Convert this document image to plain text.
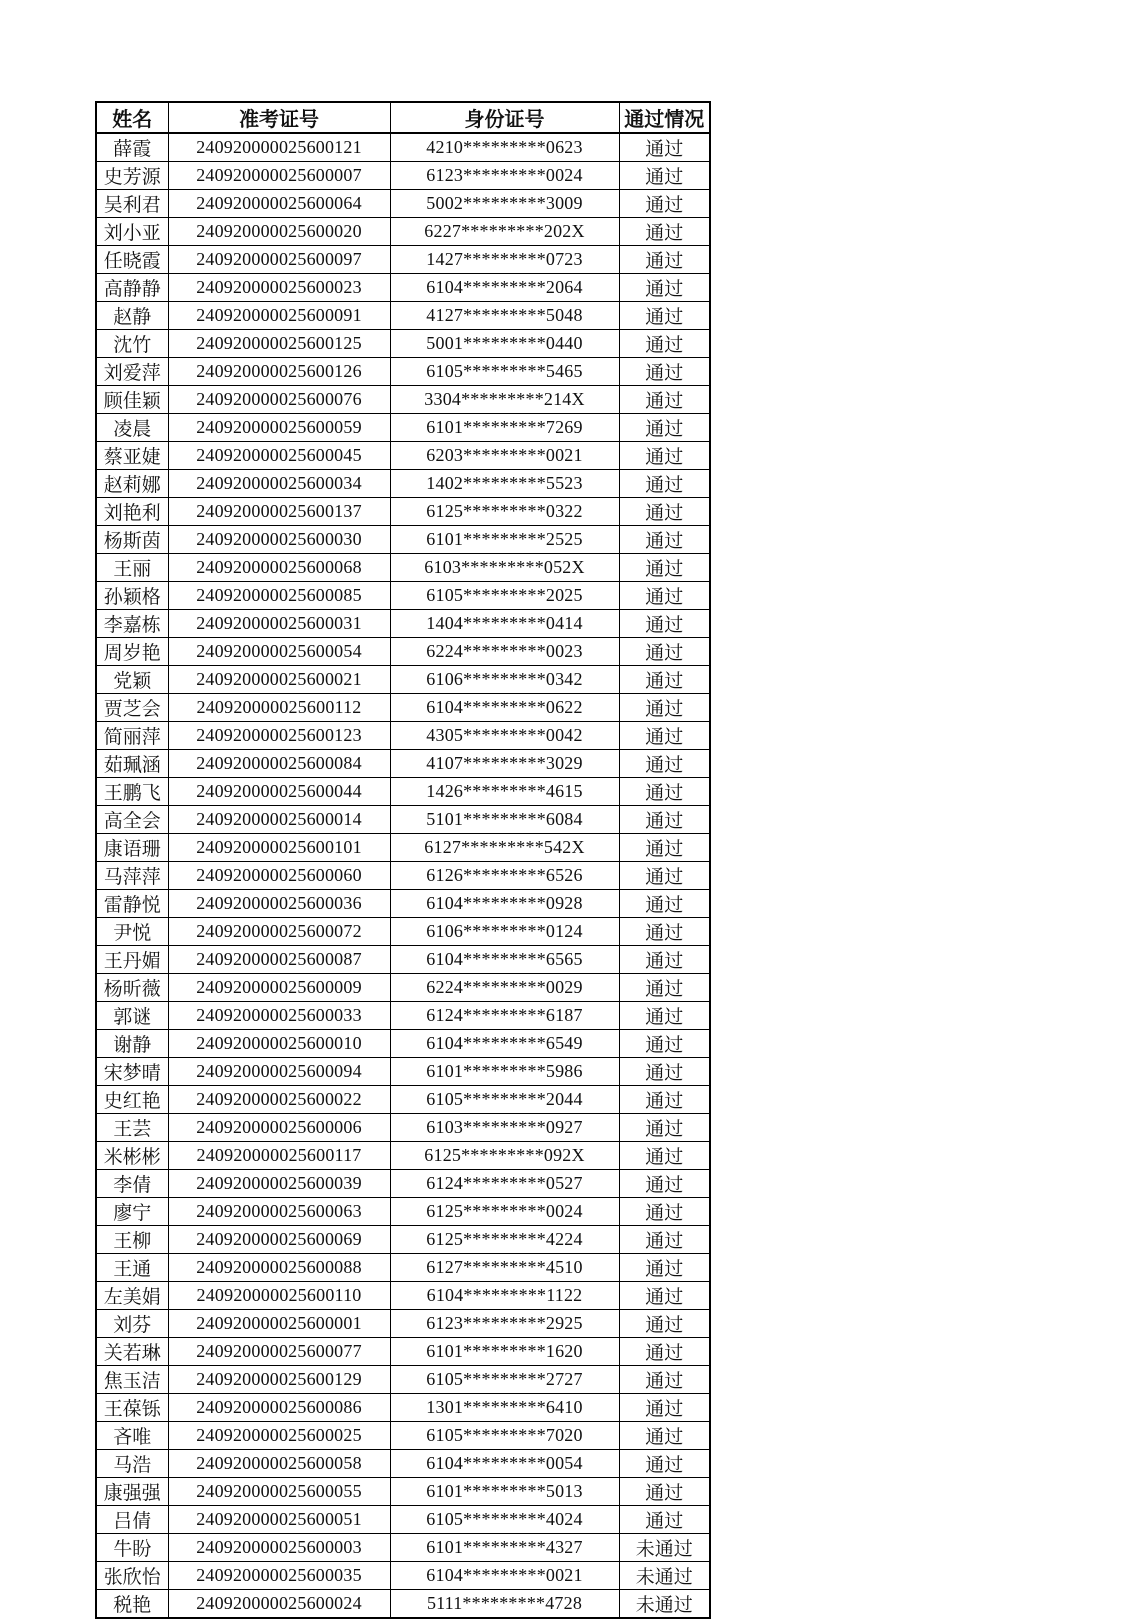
姓名	准考证号	身份证号	通过情况
薛霞	240920000025600121	4210*********0623	通过
史芳源	240920000025600007	6123*********0024	通过
吴利君	240920000025600064	5002*********3009	通过
刘小亚	240920000025600020	6227*********202X	通过
任晓霞	240920000025600097	1427*********0723	通过
高静静	240920000025600023	6104*********2064	通过
赵静	240920000025600091	4127*********5048	通过
沈竹	240920000025600125	5001*********0440	通过
刘爱萍	240920000025600126	6105*********5465	通过
顾佳颖	240920000025600076	3304*********214X	通过
凌晨	240920000025600059	6101*********7269	通过
蔡亚婕	240920000025600045	6203*********0021	通过
赵莉娜	240920000025600034	1402*********5523	通过
刘艳利	240920000025600137	6125*********0322	通过
杨斯茵	240920000025600030	6101*********2525	通过
王丽	240920000025600068	6103*********052X	通过
孙颖格	240920000025600085	6105*********2025	通过
李嘉栋	240920000025600031	1404*********0414	通过
周岁艳	240920000025600054	6224*********0023	通过
党颖	240920000025600021	6106*********0342	通过
贾芝会	240920000025600112	6104*********0622	通过
简丽萍	240920000025600123	4305*********0042	通过
茹珮涵	240920000025600084	4107*********3029	通过
王鹏飞	240920000025600044	1426*********4615	通过
高全会	240920000025600014	5101*********6084	通过
康语珊	240920000025600101	6127*********542X	通过
马萍萍	240920000025600060	6126*********6526	通过
雷静悦	240920000025600036	6104*********0928	通过
尹悦	240920000025600072	6106*********0124	通过
王丹媚	240920000025600087	6104*********6565	通过
杨昕薇	240920000025600009	6224*********0029	通过
郭谜	240920000025600033	6124*********6187	通过
谢静	240920000025600010	6104*********6549	通过
宋梦晴	240920000025600094	6101*********5986	通过
史红艳	240920000025600022	6105*********2044	通过
王芸	240920000025600006	6103*********0927	通过
米彬彬	240920000025600117	6125*********092X	通过
李倩	240920000025600039	6124*********0527	通过
廖宁	240920000025600063	6125*********0024	通过
王柳	240920000025600069	6125*********4224	通过
王通	240920000025600088	6127*********4510	通过
左美娟	240920000025600110	6104*********1122	通过
刘芬	240920000025600001	6123*********2925	通过
关若琳	240920000025600077	6101*********1620	通过
焦玉洁	240920000025600129	6105*********2727	通过
王葆铄	240920000025600086	1301*********6410	通过
吝唯	240920000025600025	6105*********7020	通过
马浩	240920000025600058	6104*********0054	通过
康强强	240920000025600055	6101*********5013	通过
吕倩	240920000025600051	6105*********4024	通过
牛盼	240920000025600003	6101*********4327	未通过
张欣怡	240920000025600035	6104*********0021	未通过
税艳	240920000025600024	5111*********4728	未通过
